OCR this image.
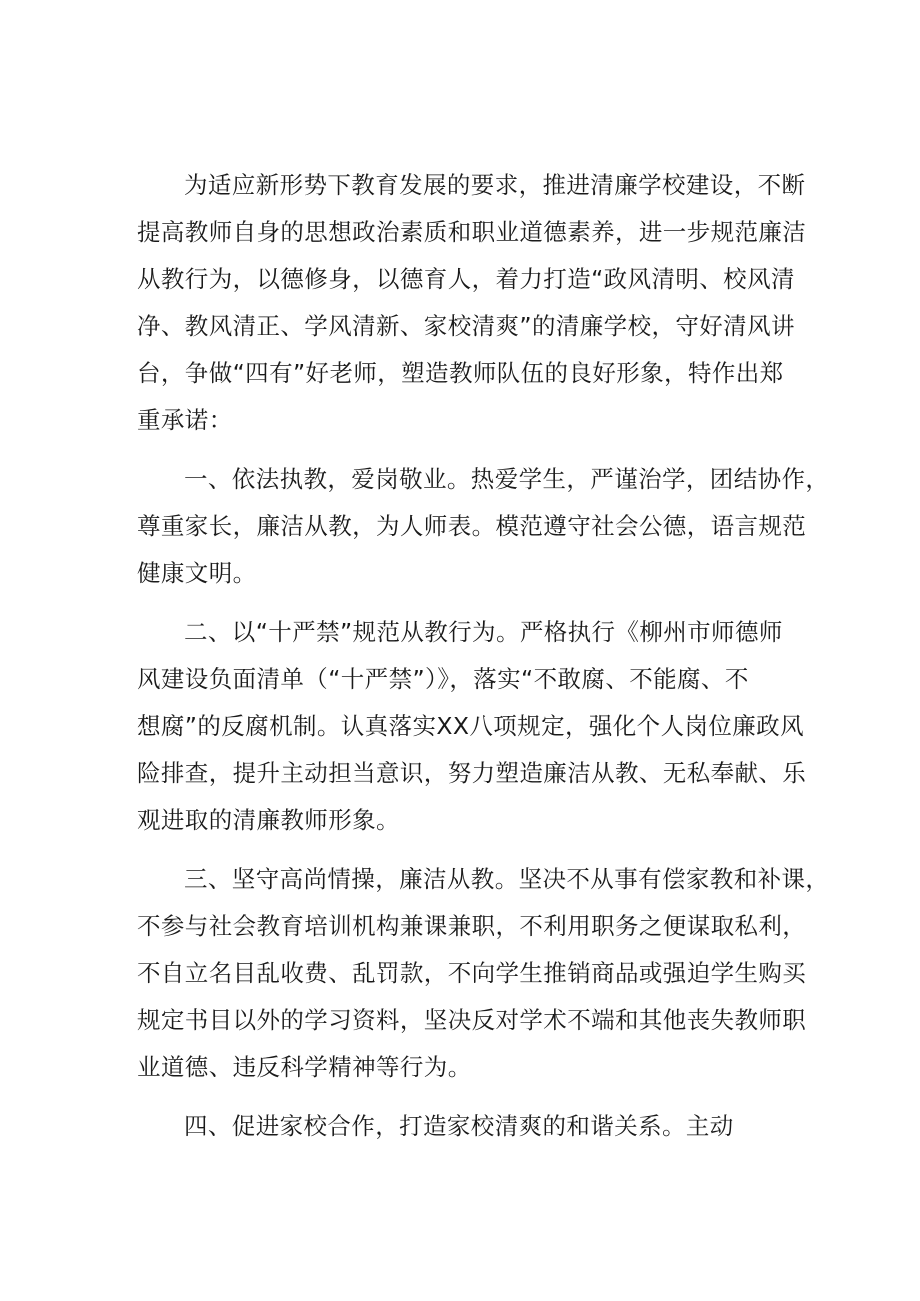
为适应新形势下教育发展的要求，推进清廉学校建设，不断
提高教师自身的思想政治素质和职业道德素养，进一步规范廉洁
从教行为，以德修身，以德育人，着力打造“政风清明、校风清
净、教风清正、学风清新、家校清爽”的清廉学校，守好清风讲
台，争做“四有”好老师，塑造教师队伍的良好形象，特作出郑
重承诺：
一、依法执教，爱岗敬业。热爱学生，严谨治学，团结协作，
尊重家长，廉洁从教，为人师表。模范遵守社会公德，语言规范
健康文明。
二、以“十严禁”规范从教行为。严格执行《柳州市师德师
风建设负面清单（“十严禁”）》，落实“不敢腐、不能腐、不
想腐”的反腐机制。认真落实XX八项规定，强化个人岗位廉政风
险排查，提升主动担当意识，努力塑造廉洁从教、无私奉献、乐
观进取的清廉教师形象。
三、坚守高尚情操，廉洁从教。坚决不从事有偿家教和补课，
不参与社会教育培训机构兼课兼职，不利用职务之便谋取私利，
不自立名目乱收费、乱罚款，不向学生推销商品或强迫学生购买
规定书目以外的学习资料，坚决反对学术不端和其他丧失教师职
业道德、违反科学精神等行为。
四、促进家校合作，打造家校清爽的和谐关系。主动
